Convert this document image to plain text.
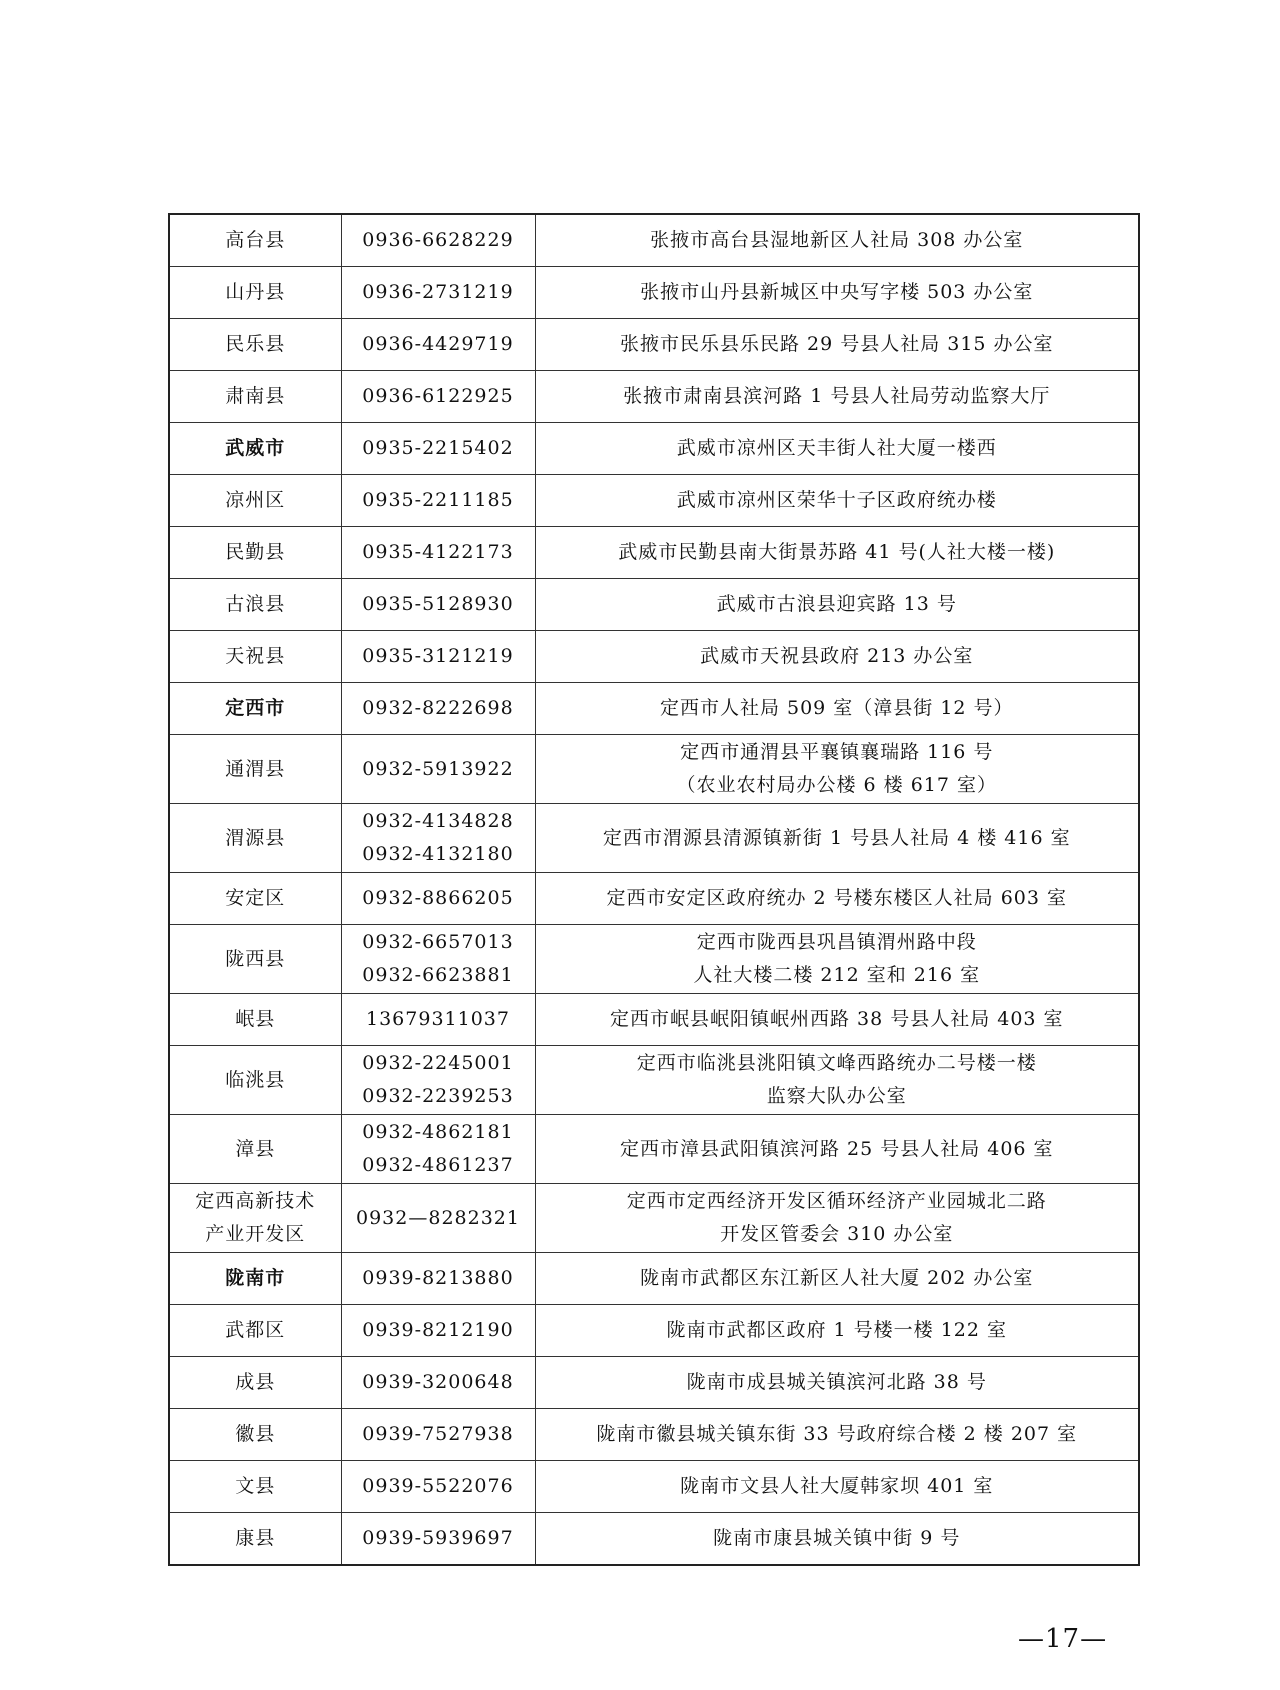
高台县	0936-6628229	张掖市高台县湿地新区人社局 308 办公室

山丹县	0936-2731219	张掖市山丹县新城区中央写字楼 503 办公室

民乐县	0936-4429719	张掖市民乐县乐民路 29 号县人社局 315 办公室

肃南县	0936-6122925	张掖市肃南县滨河路 1 号县人社局劳动监察大厅

武威市	0935-2215402	武威市凉州区天丰街人社大厦一楼西

凉州区	0935-2211185	武威市凉州区荣华十子区政府统办楼

民勤县	0935-4122173	武威市民勤县南大街景苏路 41 号(人社大楼一楼)

古浪县	0935-5128930	武威市古浪县迎宾路 13 号

天祝县	0935-3121219	武威市天祝县政府 213 办公室

定西市	0932-8222698	定西市人社局 509 室（漳县街 12 号）

通渭县	0932-5913922	定西市通渭县平襄镇襄瑞路 116 号
（农业农村局办公楼 6 楼 617 室）

渭源县	0932-4134828
0932-4132180	定西市渭源县清源镇新街 1 号县人社局 4 楼 416 室

安定区	0932-8866205	定西市安定区政府统办 2 号楼东楼区人社局 603 室

陇西县	0932-6657013
0932-6623881	定西市陇西县巩昌镇渭州路中段
人社大楼二楼 212 室和 216 室

岷县	13679311037	定西市岷县岷阳镇岷州西路 38 号县人社局 403 室

临洮县	0932-2245001
0932-2239253	定西市临洮县洮阳镇文峰西路统办二号楼一楼
监察大队办公室

漳县	0932-4862181
0932-4861237	定西市漳县武阳镇滨河路 25 号县人社局 406 室

定西高新技术
产业开发区	0932—8282321	定西市定西经济开发区循环经济产业园城北二路
开发区管委会 310 办公室

陇南市	0939-8213880	陇南市武都区东江新区人社大厦 202 办公室

武都区	0939-8212190	陇南市武都区政府 1 号楼一楼 122 室

成县	0939-3200648	陇南市成县城关镇滨河北路 38 号

徽县	0939-7527938	陇南市徽县城关镇东街 33 号政府综合楼 2 楼 207 室

文县	0939-5522076	陇南市文县人社大厦韩家坝 401 室

康县	0939-5939697	陇南市康县城关镇中街 9 号
—17—
